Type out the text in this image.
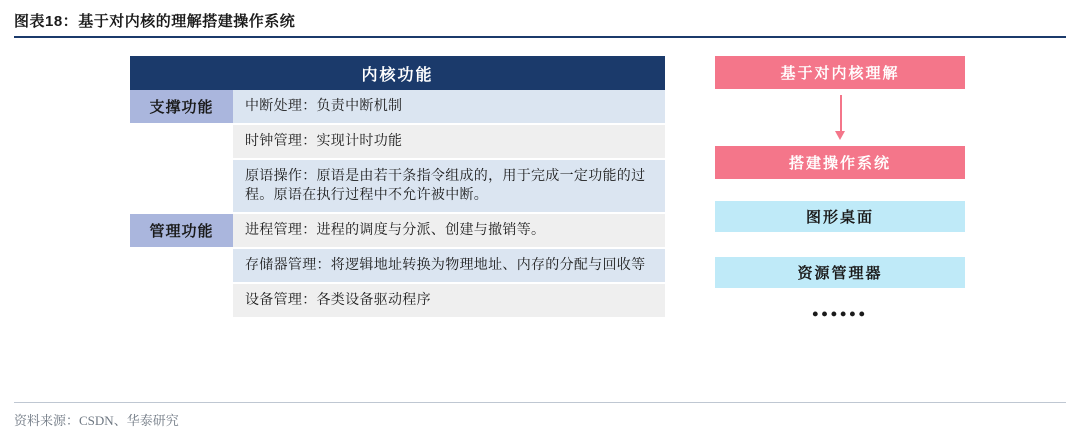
图表18：基于对内核的理解搭建操作系统
内核功能
支撑功能	中断处理：负责中断机制
时钟管理：实现计时功能
原语操作：原语是由若干条指令组成的，用于完成一定功能的过程。原语在执行过程中不允许被中断。
管理功能	进程管理：进程的调度与分派、创建与撤销等。
存储器管理：将逻辑地址转换为物理地址、内存的分配与回收等
设备管理：各类设备驱动程序
基于对内核理解
搭建操作系统
图形桌面
资源管理器
••••••
资料来源：CSDN、华泰研究
